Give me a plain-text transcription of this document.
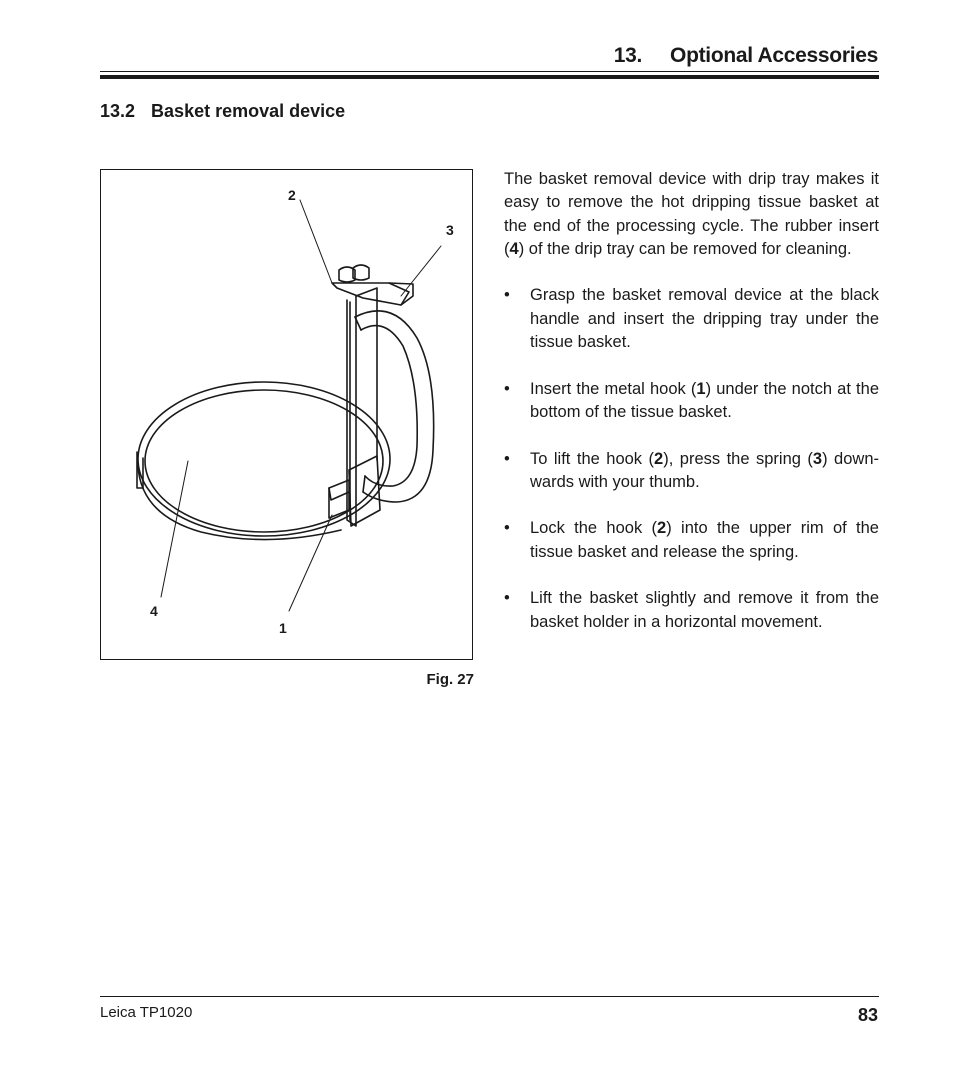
13. Optional Accessories
13.2 Basket removal device
2
3
4
1
Fig. 27

The basket removal device with drip tray makes it easy to remove the hot dripping tissue basket at the end of the processing cycle. The rubber insert (4) of the drip tray can be removed for cleaning.

• Grasp the basket removal device at the black handle and insert the dripping tray under the tissue basket.
• Insert the metal hook (1) under the notch at the bottom of the tissue basket.
• To lift the hook (2), press the spring (3) down-wards with your thumb.
• Lock the hook (2) into the upper rim of the tissue basket and release the spring.
• Lift the basket slightly and remove it from the basket holder in a horizontal movement.
Leica TP1020	83
